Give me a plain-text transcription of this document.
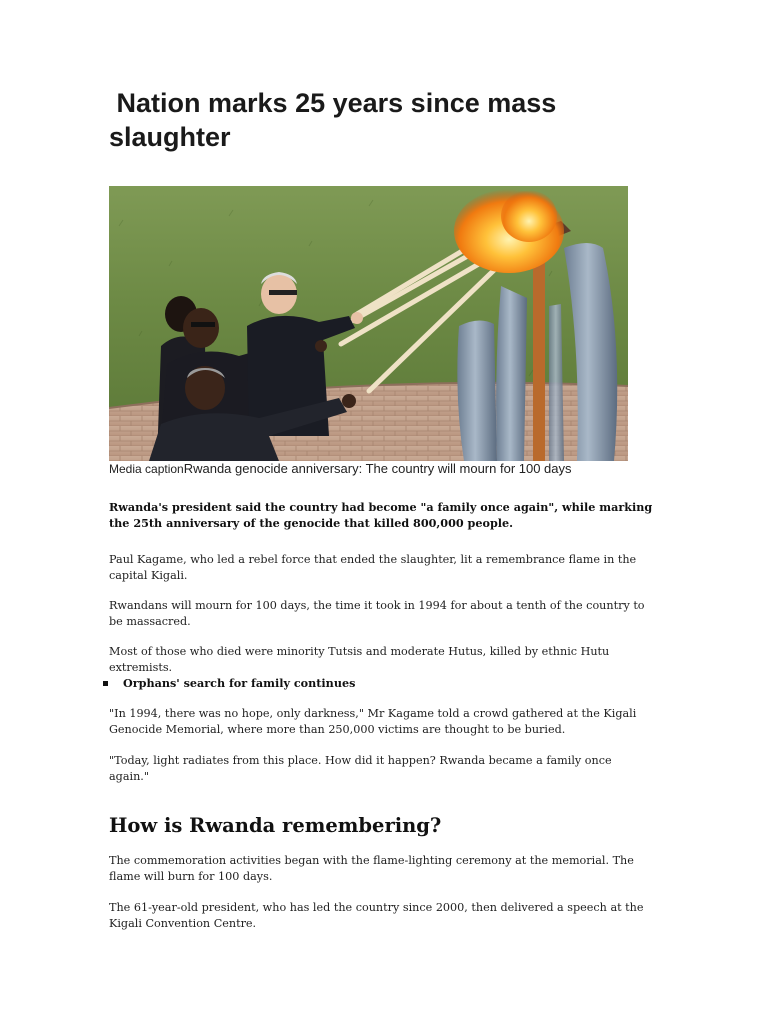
Nation marks 25 years since mass slaughter
Media captionRwanda genocide anniversary: The country will mourn for 100 days

Rwanda's president said the country had become "a family once again", while marking the 25th anniversary of the genocide that killed 800,000 people.

Paul Kagame, who led a rebel force that ended the slaughter, lit a remembrance flame in the capital Kigali.

Rwandans will mourn for 100 days, the time it took in 1994 for about a tenth of the country to be massacred.

Most of those who died were minority Tutsis and moderate Hutus, killed by ethnic Hutu extremists.

Orphans' search for family continues

"In 1994, there was no hope, only darkness," Mr Kagame told a crowd gathered at the Kigali Genocide Memorial, where more than 250,000 victims are thought to be buried.

"Today, light radiates from this place. How did it happen? Rwanda became a family once again."

How is Rwanda remembering?

The commemoration activities began with the flame-lighting ceremony at the memorial. The flame will burn for 100 days.

The 61-year-old president, who has led the country since 2000, then delivered a speech at the Kigali Convention Centre.
